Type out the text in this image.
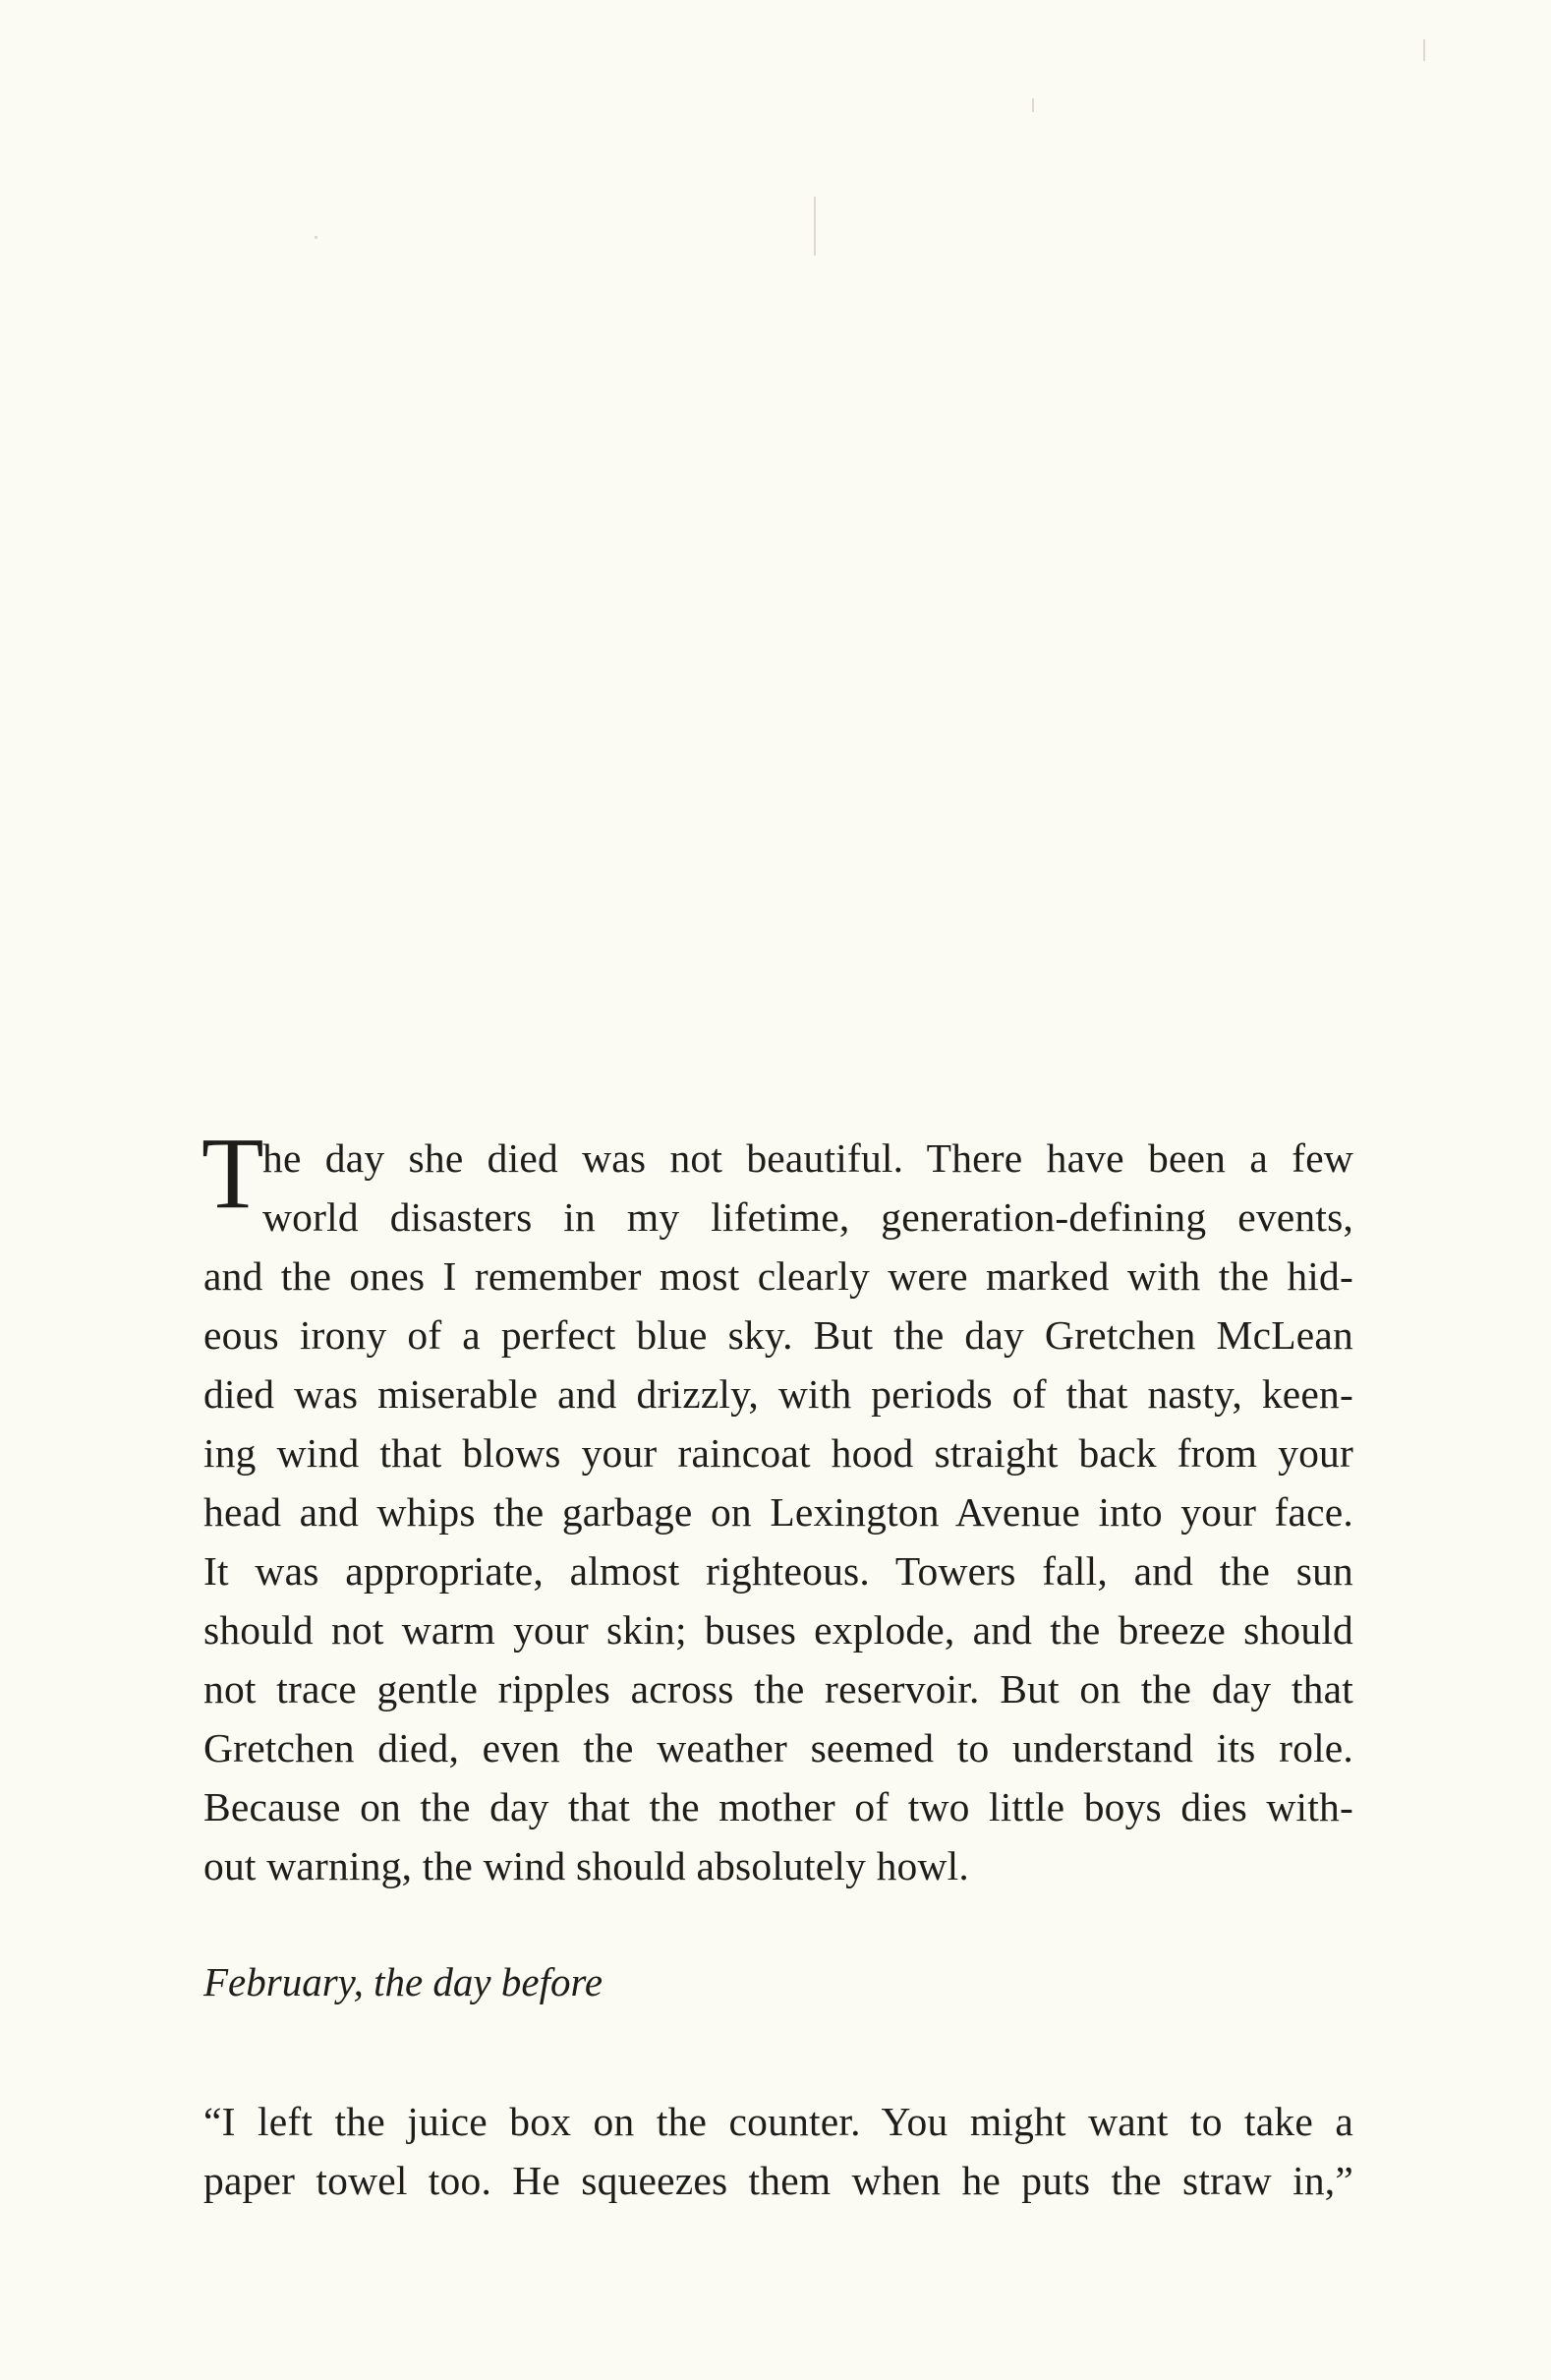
T

he day she died was not beautiful. There have been a few
world disasters in my lifetime, generation-defining events,
and the ones I remember most clearly were marked with the hid-
eous irony of a perfect blue sky. But the day Gretchen McLean
died was miserable and drizzly, with periods of that nasty, keen-
ing wind that blows your raincoat hood straight back from your
head and whips the garbage on Lexington Avenue into your face.
It was appropriate, almost righteous. Towers fall, and the sun
should not warm your skin; buses explode, and the breeze should
not trace gentle ripples across the reservoir. But on the day that
Gretchen died, even the weather seemed to understand its role.
Because on the day that the mother of two little boys dies with-
out warning, the wind should absolutely howl.

February, the day before

“I left the juice box on the counter. You might want to take a
paper towel too. He squeezes them when he puts the straw in,”
